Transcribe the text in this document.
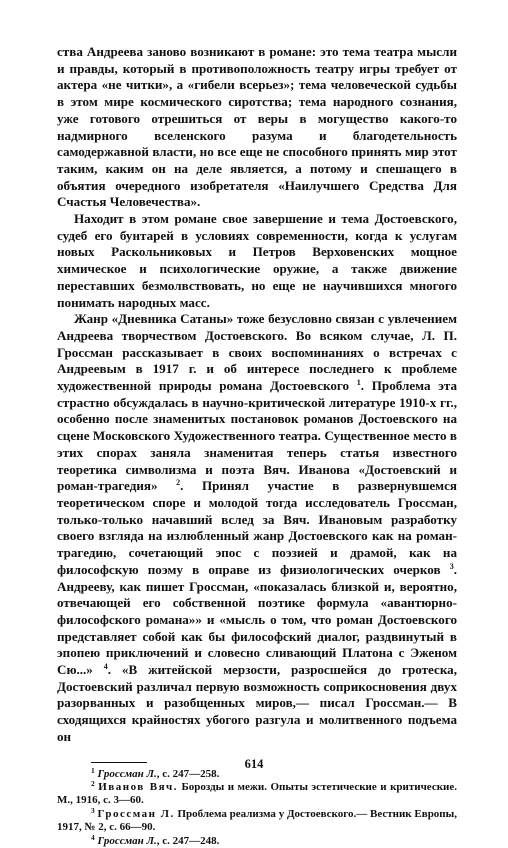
ства Андреева заново возникают в романе: это тема театра мысли и правды, который в противоположность театру игры требует от актера «не читки», а «гибели всерьез»; тема человеческой судьбы в этом мире космического сиротства; тема народного сознания, уже готового отрешиться от веры в могущество какого-то надмирного вселенского разума и благодетельность самодержавной власти, но все еще не способного принять мир этот таким, каким он на деле является, а потому и спешащего в объятия очередного изобретателя «Наилучшего Средства Для Счастья Человечества».

Находит в этом романе свое завершение и тема Достоевского, судеб его бунтарей в условиях современности, когда к услугам новых Раскольниковых и Петров Верховенских мощное химическое и психологические оружие, а также движение переставших безмолвствовать, но еще не научившихся многого понимать народных масс.

Жанр «Дневника Сатаны» тоже безусловно связан с увлечением Андреева творчеством Достоевского. Во всяком случае, Л. П. Гроссман рассказывает в своих воспоминаниях о встречах с Андреевым в 1917 г. и об интересе последнего к проблеме художественной природы романа Достоевского $^1$. Проблема эта страстно обсуждалась в научно-критической литературе 1910-х гг., особенно после знаменитых постановок романов Достоевского на сцене Московского Художественного театра. Существенное место в этих спорах заняла знаменитая теперь статья известного теоретика символизма и поэта Вяч. Иванова «Достоевский и роман-трагедия» $^2$. Принял участие в развернувшемся теоретическом споре и молодой тогда исследователь Гроссман, только-только начавший вслед за Вяч. Ивановым разработку своего взгляда на излюбленный жанр Достоевского как на роман-трагедию, сочетающий эпос с поэзией и драмой, как на философскую поэму в оправе из физиологических очерков $^3$. Андрееву, как пишет Гроссман, «показалась близкой и, вероятно, отвечающей его собственной поэтике формула «авантюрно-философского романа»» и «мысль о том, что роман Достоевского представляет собой как бы философский диалог, раздвинутый в эпопею приключений и словесно сливающий Платона с Эженом Сю...» $^4$. «В житейской мерзости, разросшейся до гротеска, Достоевский различал первую возможность соприкосновения двух разорванных и разобщенных миров,— писал Гроссман.— В сходящихся крайностях убогого разгула и молитвенного подъема он

$^1$ Гроссман Л., с. 247—258.
$^2$ Иванов Вяч. Борозды и межи. Опыты эстетические и критические. М., 1916, с. 3—60.
$^3$ Гроссман Л. Проблема реализма у Достоевского.— Вестник Европы, 1917, № 2, с. 66—90.
$^4$ Гроссман Л., с. 247—248.
614
